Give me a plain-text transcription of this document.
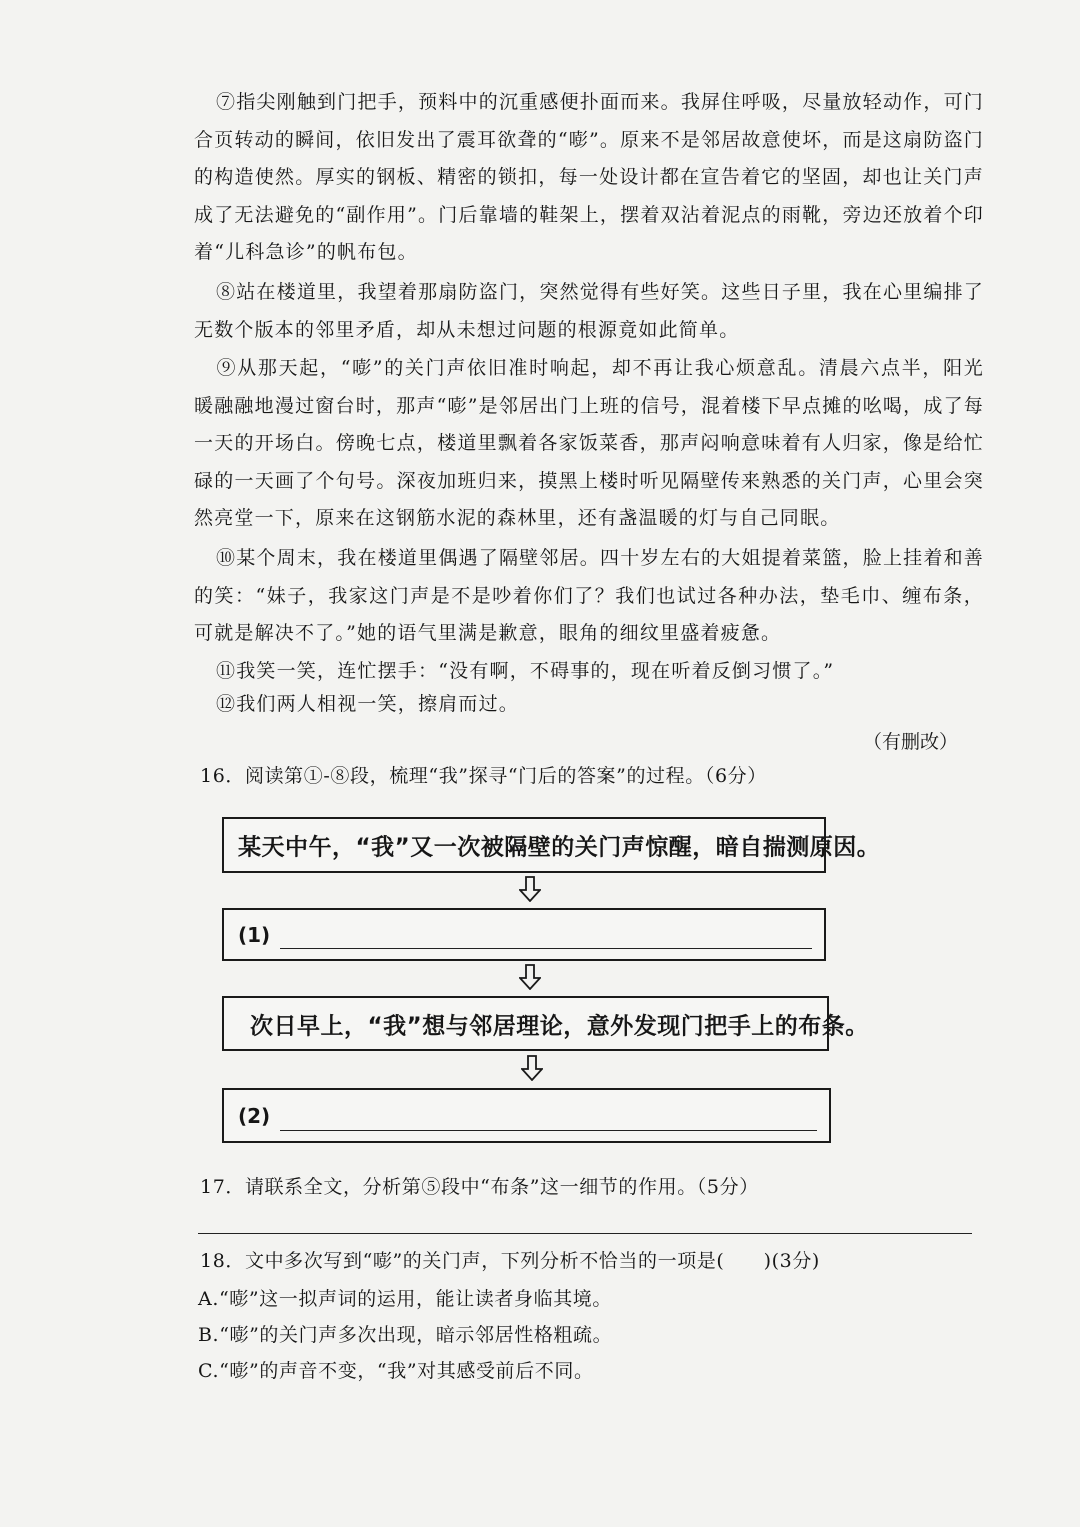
⑦指尖刚触到门把手，预料中的沉重感便扑面而来。我屏住呼吸，尽量放轻动作，可门合页转动的瞬间，依旧发出了震耳欲聋的“嘭”。原来不是邻居故意使坏，而是这扇防盗门的构造使然。厚实的钢板、精密的锁扣，每一处设计都在宣告着它的坚固，却也让关门声成了无法避免的“副作用”。门后靠墙的鞋架上，摆着双沾着泥点的雨靴，旁边还放着个印着“儿科急诊”的帆布包。

⑧站在楼道里，我望着那扇防盗门，突然觉得有些好笑。这些日子里，我在心里编排了无数个版本的邻里矛盾，却从未想过问题的根源竟如此简单。

⑨从那天起，“嘭”的关门声依旧准时响起，却不再让我心烦意乱。清晨六点半，阳光暖融融地漫过窗台时，那声“嘭”是邻居出门上班的信号，混着楼下早点摊的吆喝，成了每一天的开场白。傍晚七点，楼道里飘着各家饭菜香，那声闷响意味着有人归家，像是给忙碌的一天画了个句号。深夜加班归来，摸黑上楼时听见隔壁传来熟悉的关门声，心里会突然亮堂一下，原来在这钢筋水泥的森林里，还有盏温暖的灯与自己同眠。

⑩某个周末，我在楼道里偶遇了隔壁邻居。四十岁左右的大姐提着菜篮，脸上挂着和善的笑：“妹子，我家这门声是不是吵着你们了？我们也试过各种办法，垫毛巾、缠布条，可就是解决不了。”她的语气里满是歉意，眼角的细纹里盛着疲惫。

⑪我笑一笑，连忙摆手：“没有啊，不碍事的，现在听着反倒习惯了。”

⑫我们两人相视一笑，擦肩而过。

（有删改）

16．阅读第①-⑧段，梳理“我”探寻“门后的答案”的过程。（6分）

某天中午，“我”又一次被隔壁的关门声惊醒，暗自揣测原因。
(1)
次日早上，“我”想与邻居理论，意外发现门把手上的布条。
(2)

17．请联系全文，分析第⑤段中“布条”这一细节的作用。（5分）

18．文中多次写到“嘭”的关门声，下列分析不恰当的一项是(　　)(3分)

A.“嘭”这一拟声词的运用，能让读者身临其境。

B.“嘭”的关门声多次出现，暗示邻居性格粗疏。

C.“嘭”的声音不变，“我”对其感受前后不同。
